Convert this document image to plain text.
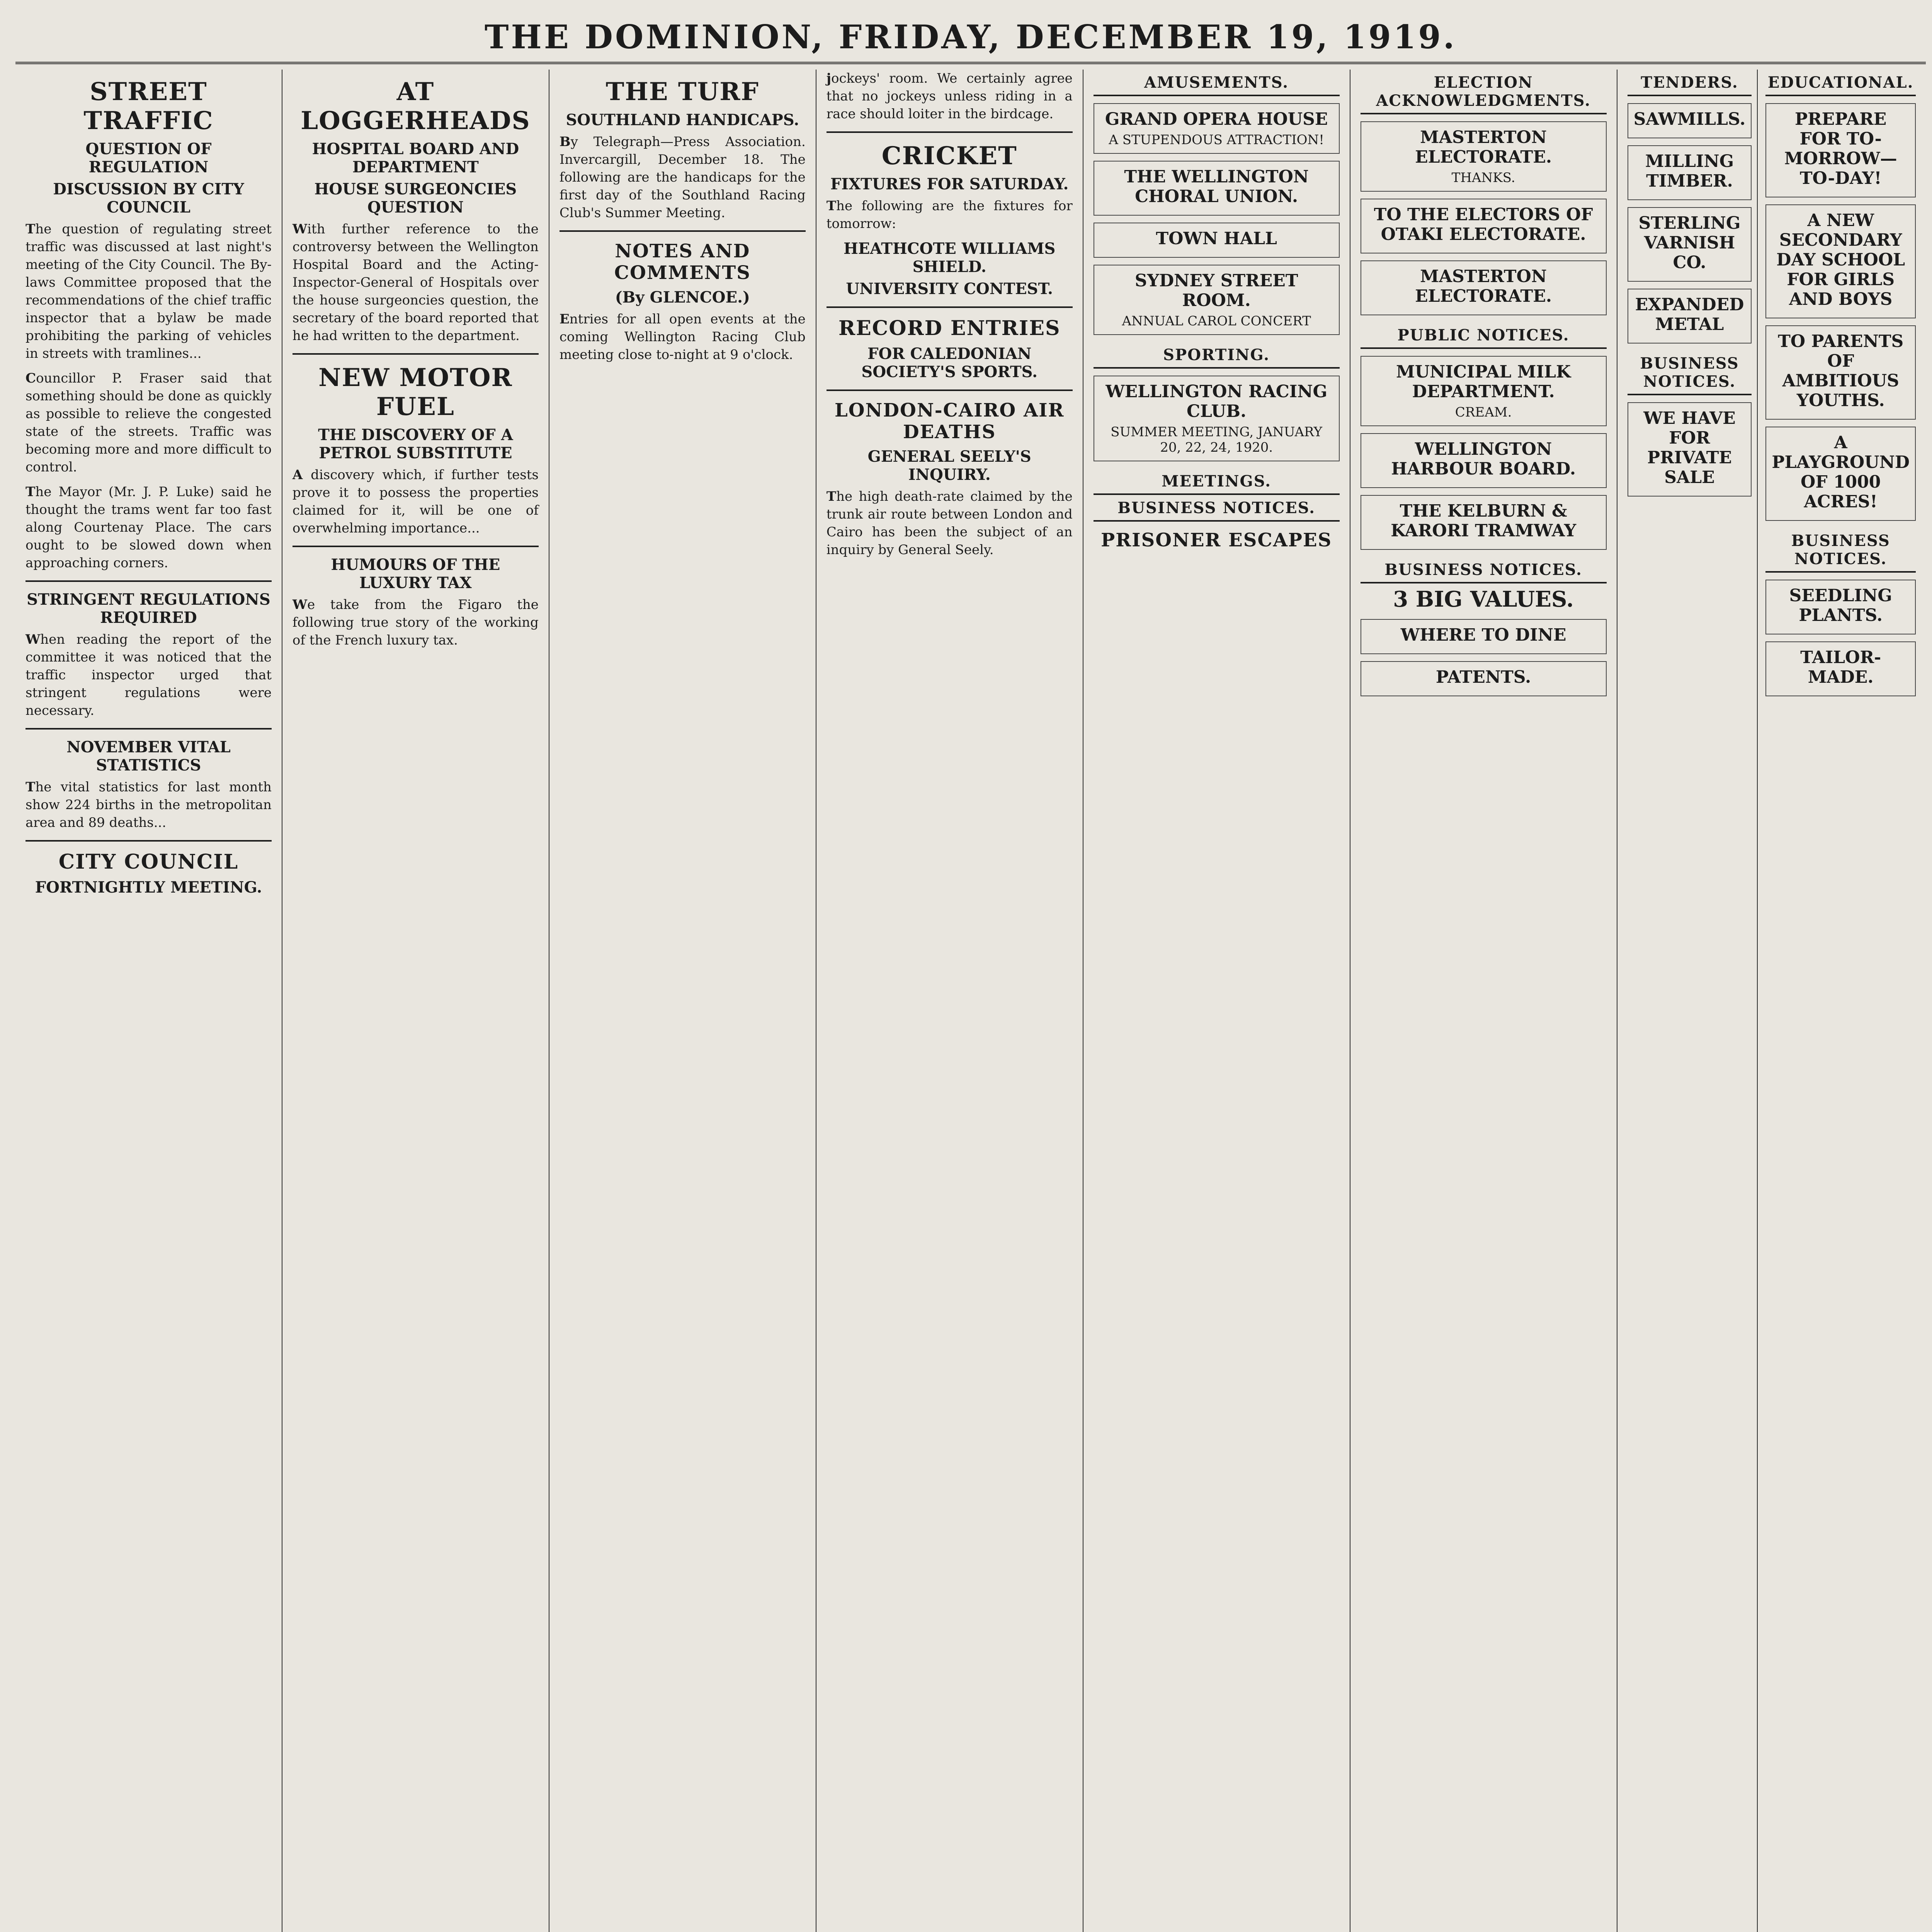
THE DOMINION, FRIDAY, DECEMBER 19, 1919.
STREET TRAFFIC
QUESTION OF REGULATION
DISCUSSION BY CITY COUNCIL

The question of regulating street traffic was discussed at last night's meeting of the City Council. The By-laws Committee proposed that the recommendations of the chief traffic inspector that a bylaw be made prohibiting the parking of vehicles in streets with tramlines...

Councillor P. Fraser said that something should be done as quickly as possible to relieve the congested state of the streets. Traffic was becoming more and more difficult to control.

The Mayor (Mr. J. P. Luke) said he thought the trams went far too fast along Courtenay Place. The cars ought to be slowed down when approaching corners.

STRINGENT REGULATIONS REQUIRED

When reading the report of the committee it was noticed that the traffic inspector urged that stringent regulations were necessary.

NOVEMBER VITAL STATISTICS

The vital statistics for last month show 224 births in the metropolitan area and 89 deaths...

CITY COUNCIL
FORTNIGHTLY MEETING.
AT LOGGERHEADS
HOSPITAL BOARD AND DEPARTMENT
HOUSE SURGEONCIES QUESTION

With further reference to the controversy between the Wellington Hospital Board and the Acting-Inspector-General of Hospitals over the house surgeoncies question, the secretary of the board reported that he had written to the department.

NEW MOTOR FUEL
THE DISCOVERY OF A PETROL SUBSTITUTE

A discovery which, if further tests prove it to possess the properties claimed for it, will be one of overwhelming importance...

HUMOURS OF THE LUXURY TAX

We take from the Figaro the following true story of the working of the French luxury tax.

THE TURF
SOUTHLAND HANDICAPS.

By Telegraph—Press Association. Invercargill, December 18. The following are the handicaps for the first day of the Southland Racing Club's Summer Meeting.

NOTES AND COMMENTS
(By GLENCOE.)

Entries for all open events at the coming Wellington Racing Club meeting close to-night at 9 o'clock.

jockeys' room. We certainly agree that no jockeys unless riding in a race should loiter in the birdcage.

CRICKET
FIXTURES FOR SATURDAY.

The following are the fixtures for tomorrow:

HEATHCOTE WILLIAMS SHIELD.
UNIVERSITY CONTEST.
RECORD ENTRIES
FOR CALEDONIAN SOCIETY'S SPORTS.
LONDON-CAIRO AIR DEATHS
GENERAL SEELY'S INQUIRY.

The high death-rate claimed by the trunk air route between London and Cairo has been the subject of an inquiry by General Seely.

AMUSEMENTS.
GRAND OPERA HOUSE
A STUPENDOUS ATTRACTION!
THE WELLINGTON CHORAL UNION.
TOWN HALL
SYDNEY STREET ROOM.
ANNUAL CAROL CONCERT
SPORTING.
WELLINGTON RACING CLUB.
SUMMER MEETING, JANUARY 20, 22, 24, 1920.
MEETINGS.
BUSINESS NOTICES.
PRISONER ESCAPES
ELECTION ACKNOWLEDGMENTS.
MASTERTON ELECTORATE.
THANKS.
TO THE ELECTORS OF OTAKI ELECTORATE.
MASTERTON ELECTORATE.
PUBLIC NOTICES.
MUNICIPAL MILK DEPARTMENT.
CREAM.
WELLINGTON HARBOUR BOARD.
THE KELBURN & KARORI TRAMWAY
BUSINESS NOTICES.
3 BIG VALUES.
WHERE TO DINE
PATENTS.
TENDERS.
SAWMILLS.
MILLING TIMBER.
STERLING VARNISH CO.
EXPANDED METAL
BUSINESS NOTICES.
WE HAVE FOR PRIVATE SALE
EDUCATIONAL.
PREPARE FOR TO-MORROW—TO-DAY!
A NEW SECONDARY DAY SCHOOL FOR GIRLS AND BOYS
TO PARENTS OF AMBITIOUS YOUTHS.
A PLAYGROUND OF 1000 ACRES!
BUSINESS NOTICES.
SEEDLING PLANTS.
TAILOR-MADE.
